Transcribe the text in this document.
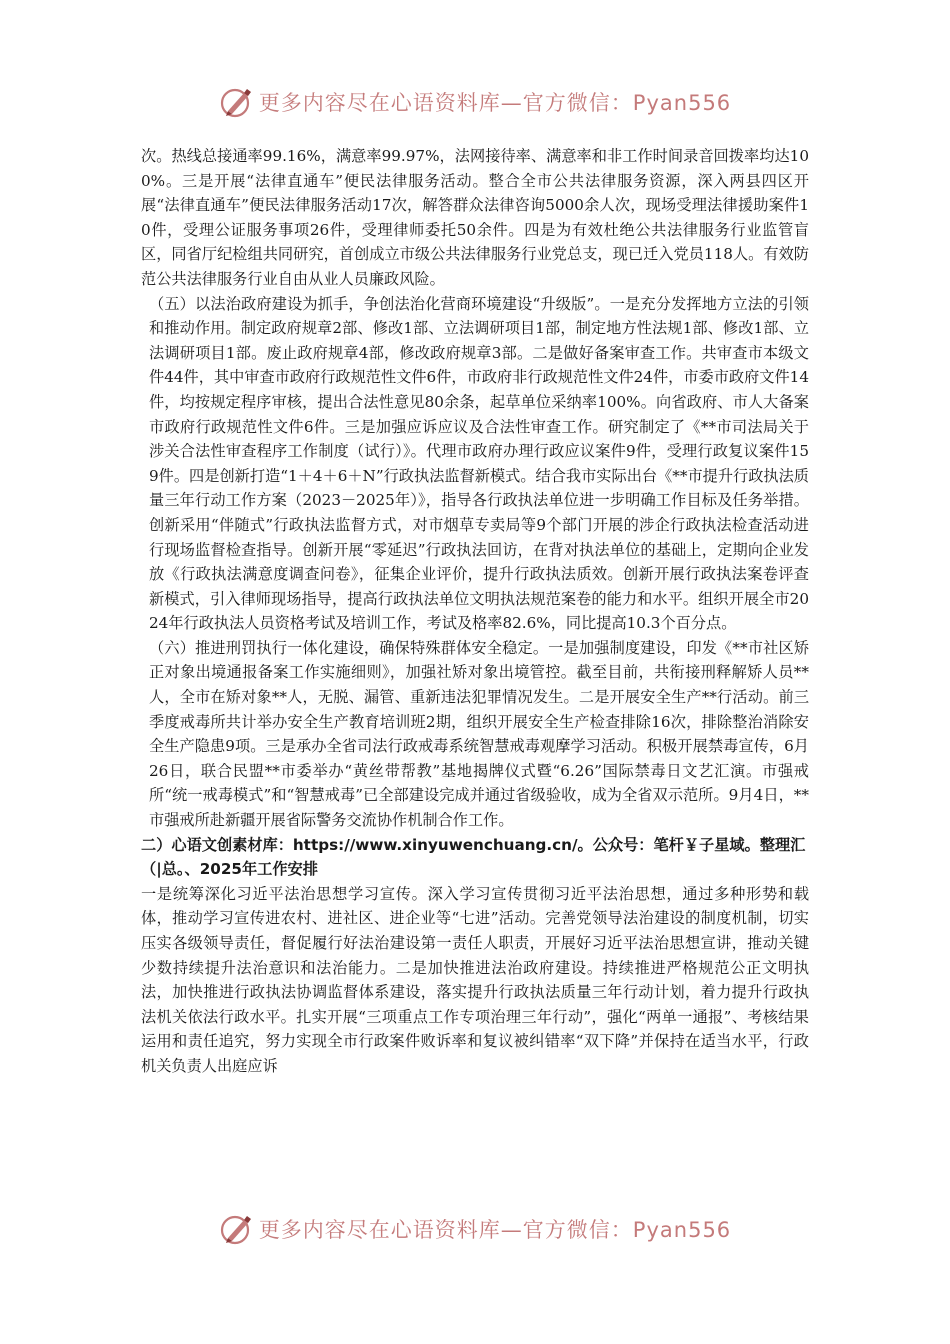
更多内容尽在心语资料库—官方微信：Pyan556

次。热线总接通率99.16%，满意率99.97%，法网接待率、满意率和非工作时间录音回拨率均达100%。三是开展“法律直通车”便民法律服务活动。整合全市公共法律服务资源，深入两县四区开展“法律直通车”便民法律服务活动17次，解答群众法律咨询5000余人次，现场受理法律援助案件10件，受理公证服务事项26件，受理律师委托50余件。四是为有效杜绝公共法律服务行业监管盲区，同省厅纪检组共同研究，首创成立市级公共法律服务行业党总支，现已迁入党员118人。有效防范公共法律服务行业自由从业人员廉政风险。

（五）以法治政府建设为抓手，争创法治化营商环境建设“升级版”。一是充分发挥地方立法的引领和推动作用。制定政府规章2部、修改1部、立法调研项目1部，制定地方性法规1部、修改1部、立法调研项目1部。废止政府规章4部，修改政府规章3部。二是做好备案审查工作。共审查市本级文件44件，其中审查市政府行政规范性文件6件，市政府非行政规范性文件24件，市委市政府文件14件，均按规定程序审核，提出合法性意见80余条，起草单位采纳率100%。向省政府、市人大备案市政府行政规范性文件6件。三是加强应诉应议及合法性审查工作。研究制定了《**市司法局关于涉关合法性审查程序工作制度（试行）》。代理市政府办理行政应议案件9件，受理行政复议案件159件。四是创新打造“1＋4＋6＋N”行政执法监督新模式。结合我市实际出台《**市提升行政执法质量三年行动工作方案（2023－2025年）》，指导各行政执法单位进一步明确工作目标及任务举措。创新采用“伴随式”行政执法监督方式，对市烟草专卖局等9个部门开展的涉企行政执法检查活动进行现场监督检查指导。创新开展“零延迟”行政执法回访，在背对执法单位的基础上，定期向企业发放《行政执法满意度调查问卷》，征集企业评价，提升行政执法质效。创新开展行政执法案卷评查新模式，引入律师现场指导，提高行政执法单位文明执法规范案卷的能力和水平。组织开展全市2024年行政执法人员资格考试及培训工作，考试及格率82.6%，同比提高10.3个百分点。

（六）推进刑罚执行一体化建设，确保特殊群体安全稳定。一是加强制度建设，印发《**市社区矫正对象出境通报备案工作实施细则》，加强社矫对象出境管控。截至目前，共衔接刑释解矫人员**人，全市在矫对象**人，无脱、漏管、重新违法犯罪情况发生。二是开展安全生产**行活动。前三季度戒毒所共计举办安全生产教育培训班2期，组织开展安全生产检查排除16次，排除整治消除安全生产隐患9项。三是承办全省司法行政戒毒系统智慧戒毒观摩学习活动。积极开展禁毒宣传，6月26日，联合民盟**市委举办“黄丝带帮教”基地揭牌仪式暨“6.26”国际禁毒日文艺汇演。市强戒所“统一戒毒模式”和“智慧戒毒”已全部建设完成并通过省级验收，成为全省双示范所。9月4日，**市强戒所赴新疆开展省际警务交流协作机制合作工作。

二）心语文创素材库：https://www.xinyuwenchuang.cn/。公众号：笔杆￥子星域。整理汇（|总。、2025年工作安排

一是统筹深化习近平法治思想学习宣传。深入学习宣传贯彻习近平法治思想，通过多种形势和载体，推动学习宣传进农村、进社区、进企业等“七进”活动。完善党领导法治建设的制度机制，切实压实各级领导责任，督促履行好法治建设第一责任人职责，开展好习近平法治思想宣讲，推动关键少数持续提升法治意识和法治能力。二是加快推进法治政府建设。持续推进严格规范公正文明执法，加快推进行政执法协调监督体系建设，落实提升行政执法质量三年行动计划，着力提升行政执法机关依法行政水平。扎实开展“三项重点工作专项治理三年行动”，强化“两单一通报”、考核结果运用和责任追究，努力实现全市行政案件败诉率和复议被纠错率“双下降”并保持在适当水平，行政机关负责人出庭应诉

更多内容尽在心语资料库—官方微信：Pyan556
